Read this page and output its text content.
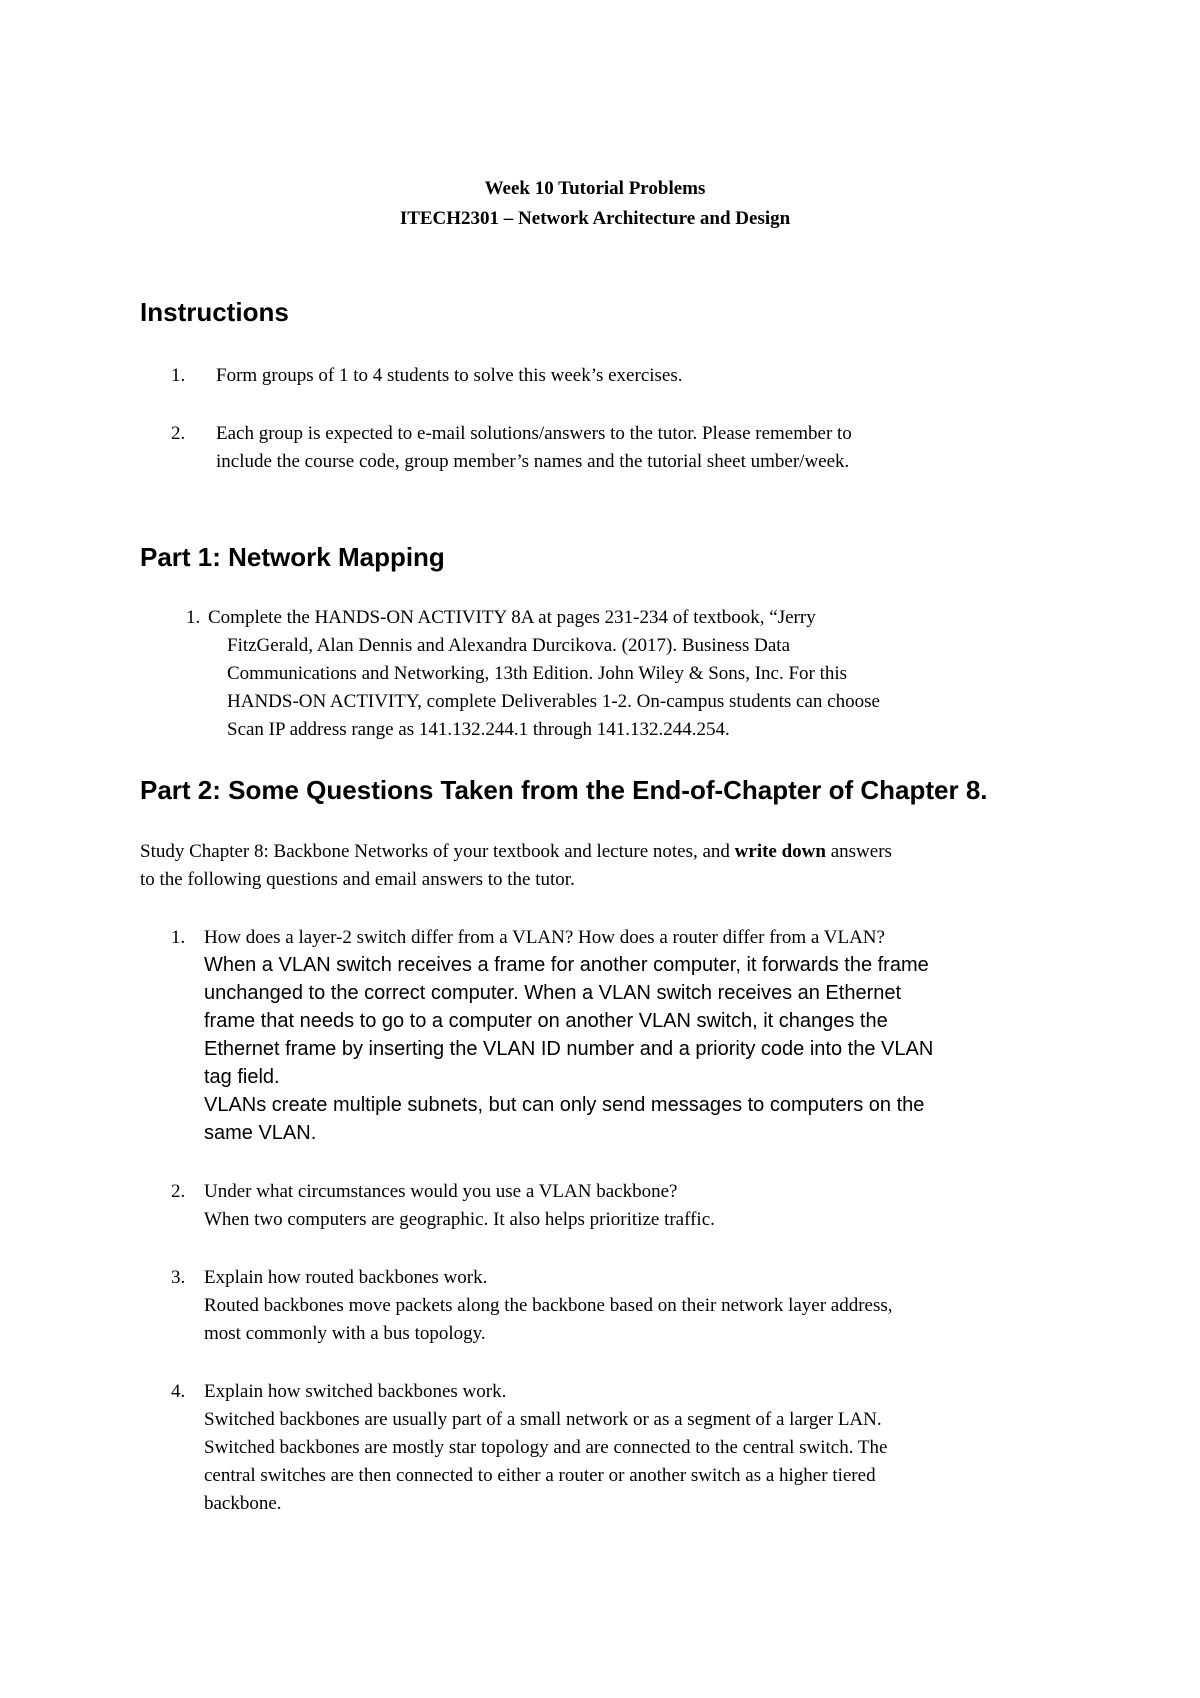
Week 10 Tutorial Problems
ITECH2301 – Network Architecture and Design
Instructions
1. Form groups of 1 to 4 students to solve this week’s exercises.
2. Each group is expected to e-mail solutions/answers to the tutor. Please remember to
include the course code, group member’s names and the tutorial sheet umber/week.
Part 1: Network Mapping
1. Complete the HANDS-ON ACTIVITY 8A at pages 231-234 of textbook, “Jerry
FitzGerald, Alan Dennis and Alexandra Durcikova. (2017). Business Data
Communications and Networking, 13th Edition. John Wiley & Sons, Inc. For this
HANDS-ON ACTIVITY, complete Deliverables 1-2. On-campus students can choose
Scan IP address range as 141.132.244.1 through 141.132.244.254.
Part 2: Some Questions Taken from the End-of-Chapter of Chapter 8.
Study Chapter 8: Backbone Networks of your textbook and lecture notes, and write down answers
to the following questions and email answers to the tutor.
1. How does a layer-2 switch differ from a VLAN? How does a router differ from a VLAN?
When a VLAN switch receives a frame for another computer, it forwards the frame
unchanged to the correct computer. When a VLAN switch receives an Ethernet
frame that needs to go to a computer on another VLAN switch, it changes the
Ethernet frame by inserting the VLAN ID number and a priority code into the VLAN
tag field.
VLANs create multiple subnets, but can only send messages to computers on the
same VLAN.
2. Under what circumstances would you use a VLAN backbone?
When two computers are geographic. It also helps prioritize traffic.
3. Explain how routed backbones work.
Routed backbones move packets along the backbone based on their network layer address,
most commonly with a bus topology.
4. Explain how switched backbones work.
Switched backbones are usually part of a small network or as a segment of a larger LAN.
Switched backbones are mostly star topology and are connected to the central switch. The
central switches are then connected to either a router or another switch as a higher tiered
backbone.
